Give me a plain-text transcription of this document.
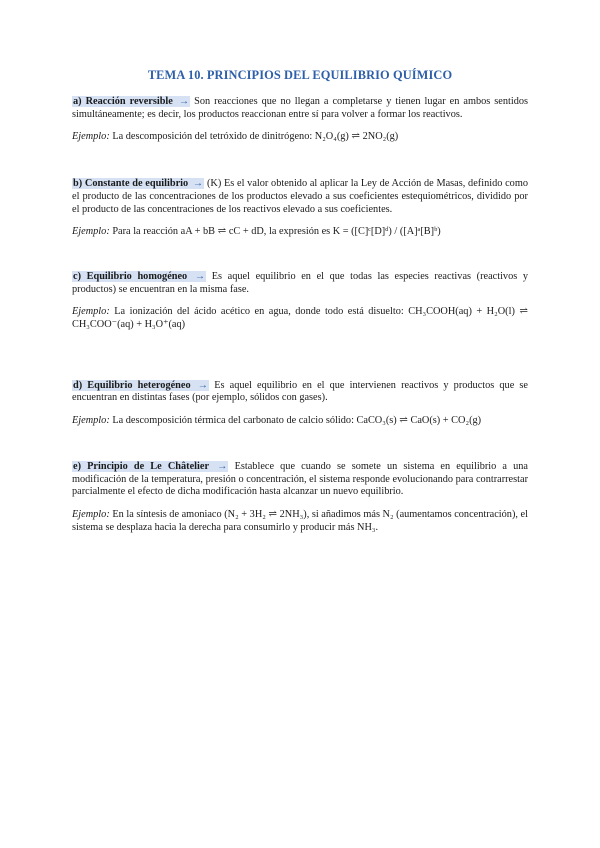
TEMA 10. PRINCIPIOS DEL EQUILIBRIO QUÍMICO

a) Reacción reversible → Son reacciones que no llegan a completarse y tienen lugar en ambos sentidos simultáneamente; es decir, los productos reaccionan entre sí para volver a formar los reactivos.

Ejemplo: La descomposición del tetróxido de dinitrógeno: N₂O₄(g) ⇌ 2NO₂(g)

b) Constante de equilibrio → (K) Es el valor obtenido al aplicar la Ley de Acción de Masas, definido como el producto de las concentraciones de los productos elevado a sus coeficientes estequiométricos, dividido por el producto de las concentraciones de los reactivos elevado a sus coeficientes.

Ejemplo: Para la reacción aA + bB ⇌ cC + dD, la expresión es K = ([C]ᶜ[D]ᵈ) / ([A]ᵃ[B]ᵇ)

c) Equilibrio homogéneo → Es aquel equilibrio en el que todas las especies reactivas (reactivos y productos) se encuentran en la misma fase.

Ejemplo: La ionización del ácido acético en agua, donde todo está disuelto: CH₃COOH(aq) + H₂O(l) ⇌ CH₃COO⁻(aq) + H₃O⁺(aq)

d) Equilibrio heterogéneo → Es aquel equilibrio en el que intervienen reactivos y productos que se encuentran en distintas fases (por ejemplo, sólidos con gases).

Ejemplo: La descomposición térmica del carbonato de calcio sólido: CaCO₃(s) ⇌ CaO(s) + CO₂(g)

e) Principio de Le Châtelier → Establece que cuando se somete un sistema en equilibrio a una modificación de la temperatura, presión o concentración, el sistema responde evolucionando para contrarrestar parcialmente el efecto de dicha modificación hasta alcanzar un nuevo equilibrio.

Ejemplo: En la síntesis de amoniaco (N₂ + 3H₂ ⇌ 2NH₃), si añadimos más N₂ (aumentamos concentración), el sistema se desplaza hacia la derecha para consumirlo y producir más NH₃.
